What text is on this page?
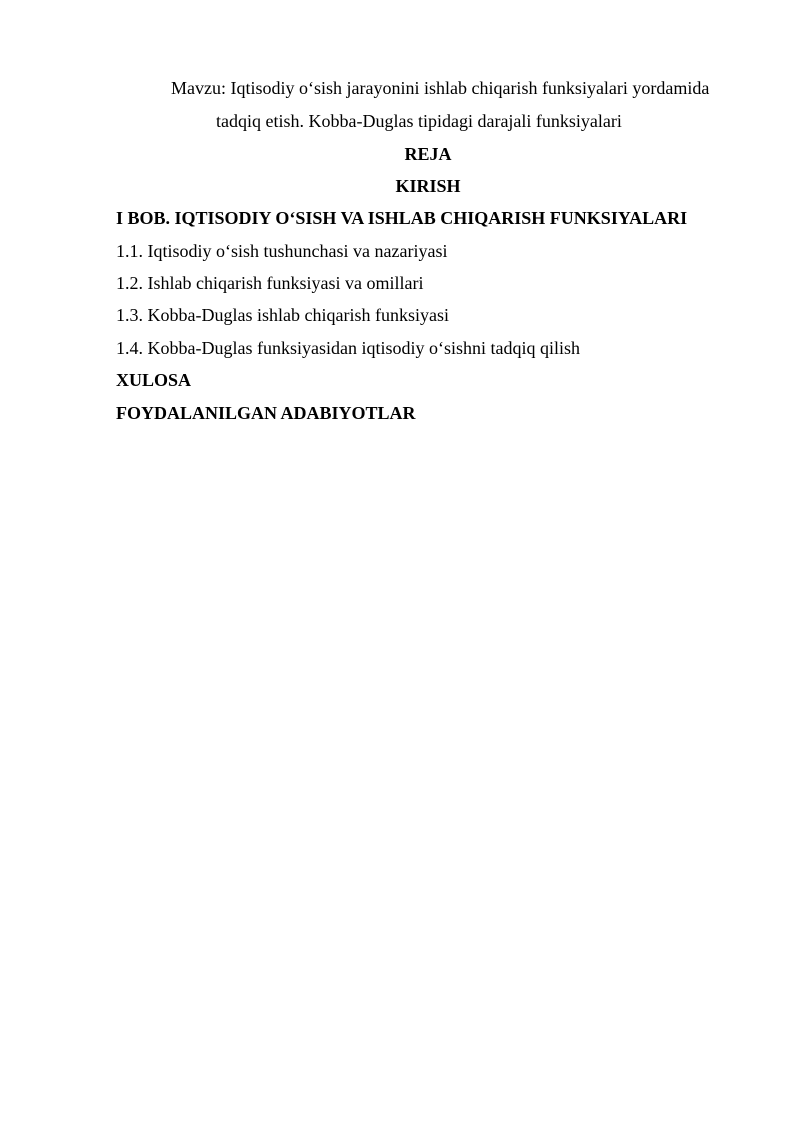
Mavzu: Iqtisodiy o‘sish jarayonini ishlab chiqarish funksiyalari yordamida
tadqiq etish. Kobba-Duglas tipidagi darajali funksiyalari
REJA
KIRISH
I BOB. IQTISODIY O‘SISH VA ISHLAB CHIQARISH FUNKSIYALARI
1.1. Iqtisodiy o‘sish tushunchasi va nazariyasi
1.2. Ishlab chiqarish funksiyasi va omillari
1.3. Kobba-Duglas ishlab chiqarish funksiyasi
1.4. Kobba-Duglas funksiyasidan iqtisodiy o‘sishni tadqiq qilish
XULOSA
FOYDALANILGAN ADABIYOTLAR
